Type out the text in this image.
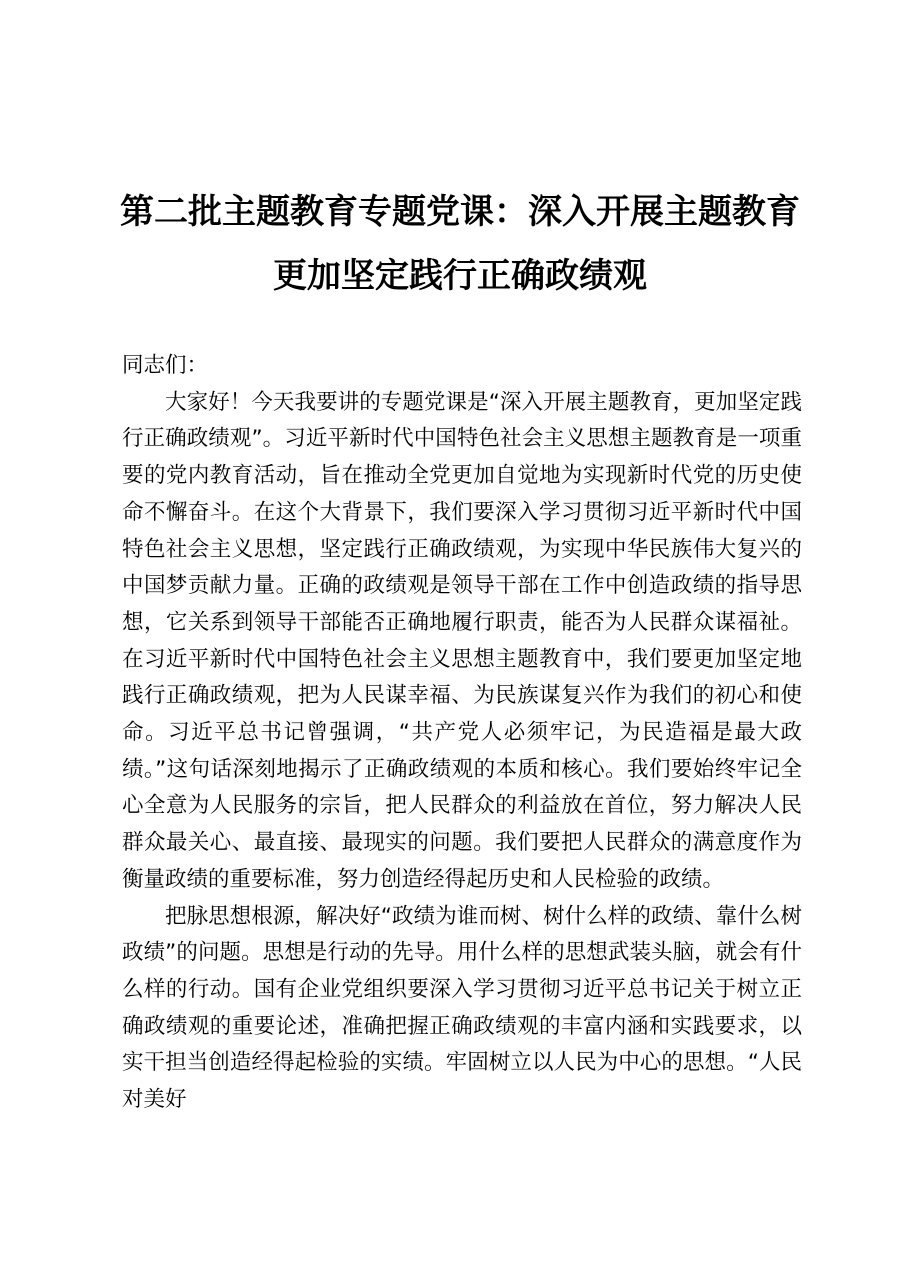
第二批主题教育专题党课：深入开展主题教育
更加坚定践行正确政绩观

同志们：

大家好！今天我要讲的专题党课是“深入开展主题教育，更加坚定践行正确政绩观”。习近平新时代中国特色社会主义思想主题教育是一项重要的党内教育活动，旨在推动全党更加自觉地为实现新时代党的历史使命不懈奋斗。在这个大背景下，我们要深入学习贯彻习近平新时代中国特色社会主义思想，坚定践行正确政绩观，为实现中华民族伟大复兴的中国梦贡献力量。正确的政绩观是领导干部在工作中创造政绩的指导思想，它关系到领导干部能否正确地履行职责，能否为人民群众谋福祉。在习近平新时代中国特色社会主义思想主题教育中，我们要更加坚定地践行正确政绩观，把为人民谋幸福、为民族谋复兴作为我们的初心和使命。习近平总书记曾强调，“共产党人必须牢记，为民造福是最大政绩。”这句话深刻地揭示了正确政绩观的本质和核心。我们要始终牢记全心全意为人民服务的宗旨，把人民群众的利益放在首位，努力解决人民群众最关心、最直接、最现实的问题。我们要把人民群众的满意度作为衡量政绩的重要标准，努力创造经得起历史和人民检验的政绩。

把脉思想根源，解决好“政绩为谁而树、树什么样的政绩、靠什么树政绩”的问题。思想是行动的先导。用什么样的思想武装头脑，就会有什么样的行动。国有企业党组织要深入学习贯彻习近平总书记关于树立正确政绩观的重要论述，准确把握正确政绩观的丰富内涵和实践要求，以实干担当创造经得起检验的实绩。牢固树立以人民为中心的思想。“人民对美好
